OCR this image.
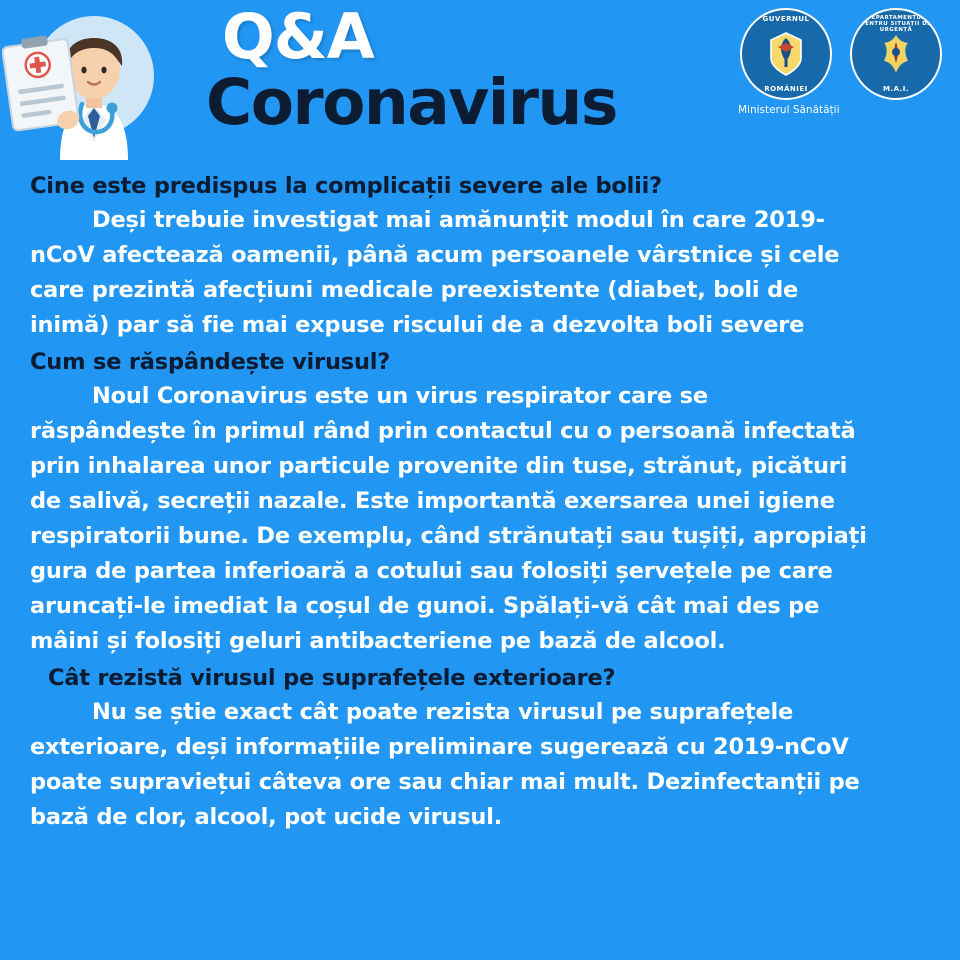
Q&A
Coronavirus
GUVERNUL
ROMÂNIEI
Ministerul Sănătății
DEPARTAMENTUL PENTRU SITUAȚII DE URGENȚĂ
M.A.I.

Cine este predispus la complicații severe ale bolii?

Deși trebuie investigat mai amănunțit modul în care 2019-nCoV afectează oamenii, până acum persoanele vârstnice și cele care prezintă afecțiuni medicale preexistente (diabet, boli de inimă) par să fie mai expuse riscului de a dezvolta boli severe

Cum se răspândește virusul?

Noul Coronavirus este un virus respirator care se răspândește în primul rând prin contactul cu o persoană infectată prin inhalarea unor particule provenite din tuse, strănut, picături de salivă, secreții nazale. Este importantă exersarea unei igiene respiratorii bune. De exemplu, când strănutați sau tușiți, apropiați gura de partea inferioară a cotului sau folosiți șervețele pe care aruncați-le imediat la coșul de gunoi. Spălați-vă cât mai des pe mâini și folosiți geluri antibacteriene pe bază de alcool.

Cât rezistă virusul pe suprafețele exterioare?

Nu se știe exact cât poate rezista virusul pe suprafețele exterioare, deși informațiile preliminare sugerează cu 2019-nCoV poate supraviețui câteva ore sau chiar mai mult. Dezinfectanții pe bază de clor, alcool, pot ucide virusul.
